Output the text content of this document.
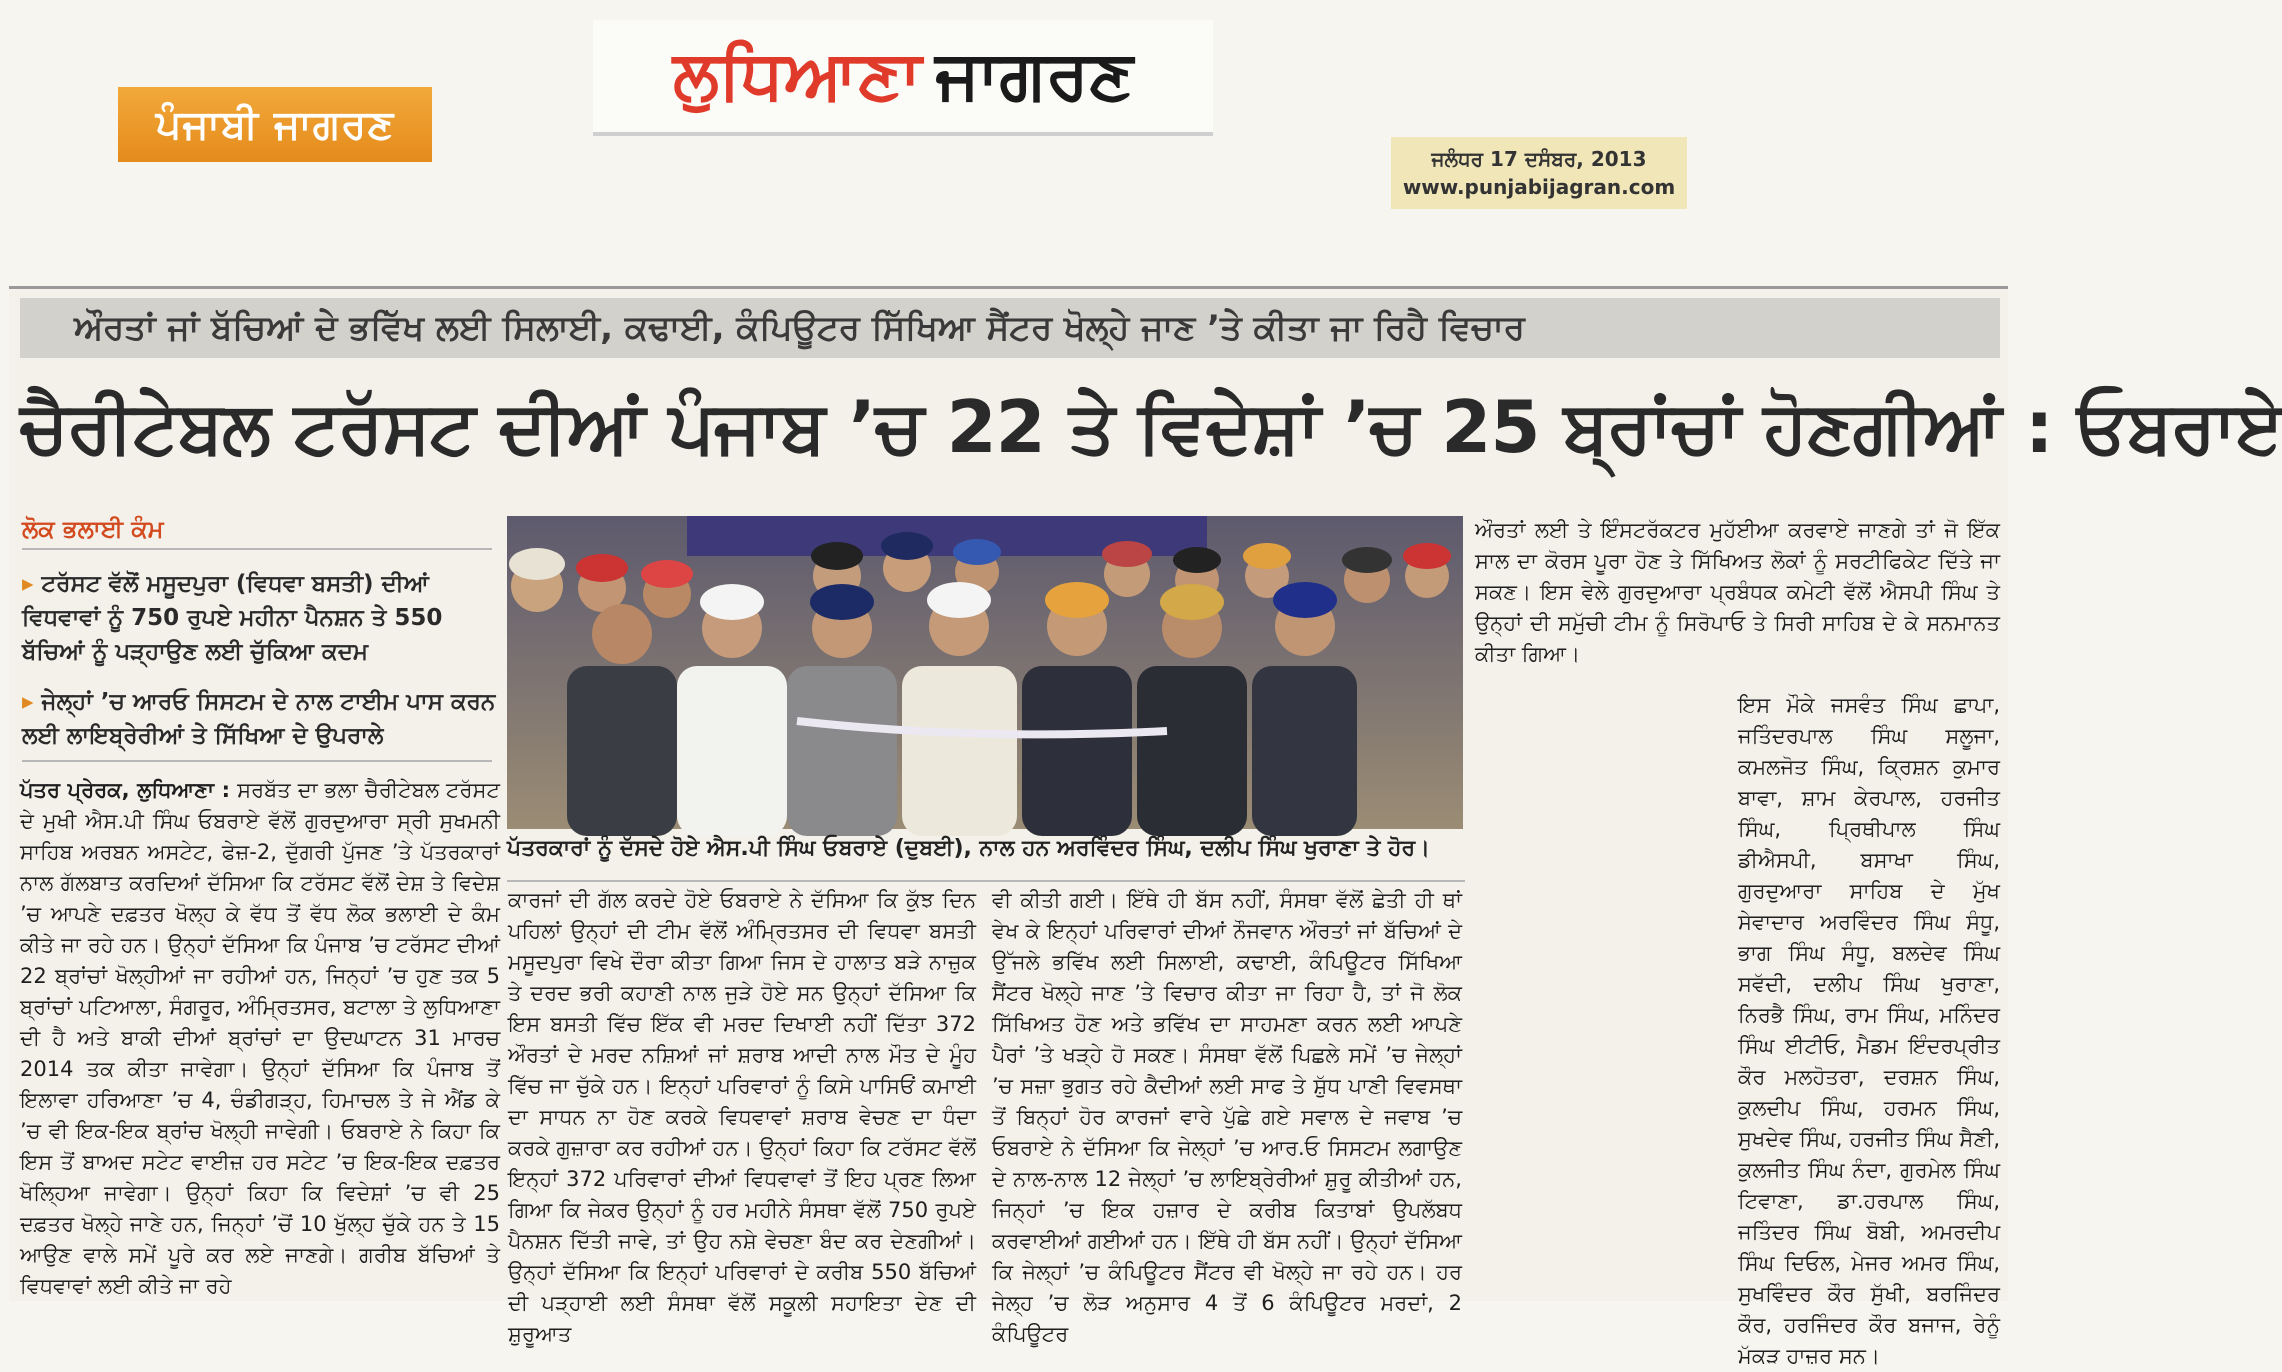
ਪੰਜਾਬੀ ਜਾਗਰਣ
ਲੁਧਿਆਣਾ ਜਾਗਰਣ
ਜਲੰਧਰ 17 ਦਸੰਬਰ, 2013
www.punjabijagran.com
ਔਰਤਾਂ ਜਾਂ ਬੱਚਿਆਂ ਦੇ ਭਵਿੱਖ ਲਈ ਸਿਲਾਈ, ਕਢਾਈ, ਕੰਪਿਊਟਰ ਸਿੱਖਿਆ ਸੈਂਟਰ ਖੋਲ੍ਹੇ ਜਾਣ ’ਤੇ ਕੀਤਾ ਜਾ ਰਿਹੈ ਵਿਚਾਰ
ਚੈਰੀਟੇਬਲ ਟਰੱਸਟ ਦੀਆਂ ਪੰਜਾਬ ’ਚ 22 ਤੇ ਵਿਦੇਸ਼ਾਂ ’ਚ 25 ਬ੍ਰਾਂਚਾਂ ਹੋਣਗੀਆਂ : ਓਬਰਾਏ
ਲੋਕ ਭਲਾਈ ਕੰਮ
▸ ਟਰੱਸਟ ਵੱਲੋਂ ਮਸੂਦਪੁਰਾ (ਵਿਧਵਾ ਬਸਤੀ) ਦੀਆਂ ਵਿਧਵਾਵਾਂ ਨੂੰ 750 ਰੁਪਏ ਮਹੀਨਾ ਪੈਨਸ਼ਨ ਤੇ 550 ਬੱਚਿਆਂ ਨੂੰ ਪੜ੍ਹਾਉਣ ਲਈ ਚੁੱਕਿਆ ਕਦਮ
▸ ਜੇਲ੍ਹਾਂ ’ਚ ਆਰਓ ਸਿਸਟਮ ਦੇ ਨਾਲ ਟਾਈਮ ਪਾਸ ਕਰਨ ਲਈ ਲਾਇਬ੍ਰੇਰੀਆਂ ਤੇ ਸਿੱਖਿਆ ਦੇ ਉਪਰਾਲੇ
ਪੱਤਰਕਾਰਾਂ ਨੂੰ ਦੱਸਦੇ ਹੋਏ ਐਸ.ਪੀ ਸਿੰਘ ਓਬਰਾਏ (ਦੁਬਈ), ਨਾਲ ਹਨ ਅਰਵਿੰਦਰ ਸਿੰਘ, ਦਲੀਪ ਸਿੰਘ ਖੁਰਾਣਾ ਤੇ ਹੋਰ।
ਪੱਤਰ ਪ੍ਰੇਰਕ, ਲੁਧਿਆਣਾ : ਸਰਬੱਤ ਦਾ ਭਲਾ ਚੈਰੀਟੇਬਲ ਟਰੱਸਟ ਦੇ ਮੁਖੀ ਐਸ.ਪੀ ਸਿੰਘ ਓਬਰਾਏ ਵੱਲੋਂ ਗੁਰਦੁਆਰਾ ਸ੍ਰੀ ਸੁਖਮਨੀ ਸਾਹਿਬ ਅਰਬਨ ਅਸਟੇਟ, ਫੇਜ਼-2, ਦੁੱਗਰੀ ਪੁੱਜਣ ’ਤੇ ਪੱਤਰਕਾਰਾਂ ਨਾਲ ਗੱਲਬਾਤ ਕਰਦਿਆਂ ਦੱਸਿਆ ਕਿ ਟਰੱਸਟ ਵੱਲੋਂ ਦੇਸ਼ ਤੇ ਵਿਦੇਸ਼ ’ਚ ਆਪਣੇ ਦਫ਼ਤਰ ਖੋਲ੍ਹ ਕੇ ਵੱਧ ਤੋਂ ਵੱਧ ਲੋਕ ਭਲਾਈ ਦੇ ਕੰਮ ਕੀਤੇ ਜਾ ਰਹੇ ਹਨ। ਉਨ੍ਹਾਂ ਦੱਸਿਆ ਕਿ ਪੰਜਾਬ ’ਚ ਟਰੱਸਟ ਦੀਆਂ 22 ਬ੍ਰਾਂਚਾਂ ਖੋਲ੍ਹੀਆਂ ਜਾ ਰਹੀਆਂ ਹਨ, ਜਿਨ੍ਹਾਂ ’ਚ ਹੁਣ ਤਕ 5 ਬ੍ਰਾਂਚਾਂ ਪਟਿਆਲਾ, ਸੰਗਰੂਰ, ਅੰਮ੍ਰਿਤਸਰ, ਬਟਾਲਾ ਤੇ ਲੁਧਿਆਣਾ ਦੀ ਹੈ ਅਤੇ ਬਾਕੀ ਦੀਆਂ ਬ੍ਰਾਂਚਾਂ ਦਾ ਉਦਘਾਟਨ 31 ਮਾਰਚ 2014 ਤਕ ਕੀਤਾ ਜਾਵੇਗਾ। ਉਨ੍ਹਾਂ ਦੱਸਿਆ ਕਿ ਪੰਜਾਬ ਤੋਂ ਇਲਾਵਾ ਹਰਿਆਣਾ ’ਚ 4, ਚੰਡੀਗੜ੍ਹ, ਹਿਮਾਚਲ ਤੇ ਜੇ ਐਂਡ ਕੇ ’ਚ ਵੀ ਇਕ-ਇਕ ਬ੍ਰਾਂਚ ਖੋਲ੍ਹੀ ਜਾਵੇਗੀ। ਓਬਰਾਏ ਨੇ ਕਿਹਾ ਕਿ ਇਸ ਤੋਂ ਬਾਅਦ ਸਟੇਟ ਵਾਈਜ਼ ਹਰ ਸਟੇਟ ’ਚ ਇਕ-ਇਕ ਦਫ਼ਤਰ ਖੋਲ੍ਹਿਆ ਜਾਵੇਗਾ। ਉਨ੍ਹਾਂ ਕਿਹਾ ਕਿ ਵਿਦੇਸ਼ਾਂ ’ਚ ਵੀ 25 ਦਫ਼ਤਰ ਖੋਲ੍ਹੇ ਜਾਣੇ ਹਨ, ਜਿਨ੍ਹਾਂ ’ਚੋਂ 10 ਖੁੱਲ੍ਹ ਚੁੱਕੇ ਹਨ ਤੇ 15 ਆਉਣ ਵਾਲੇ ਸਮੇਂ ਪੂਰੇ ਕਰ ਲਏ ਜਾਣਗੇ। ਗਰੀਬ ਬੱਚਿਆਂ ਤੇ ਵਿਧਵਾਵਾਂ ਲਈ ਕੀਤੇ ਜਾ ਰਹੇ
ਕਾਰਜਾਂ ਦੀ ਗੱਲ ਕਰਦੇ ਹੋਏ ਓਬਰਾਏ ਨੇ ਦੱਸਿਆ ਕਿ ਕੁੱਝ ਦਿਨ ਪਹਿਲਾਂ ਉਨ੍ਹਾਂ ਦੀ ਟੀਮ ਵੱਲੋਂ ਅੰਮ੍ਰਿਤਸਰ ਦੀ ਵਿਧਵਾ ਬਸਤੀ ਮਸੂਦਪੁਰਾ ਵਿਖੇ ਦੌਰਾ ਕੀਤਾ ਗਿਆ ਜਿਸ ਦੇ ਹਾਲਾਤ ਬੜੇ ਨਾਜ਼ੁਕ ਤੇ ਦਰਦ ਭਰੀ ਕਹਾਣੀ ਨਾਲ ਜੁੜੇ ਹੋਏ ਸਨ ਉਨ੍ਹਾਂ ਦੱਸਿਆ ਕਿ ਇਸ ਬਸਤੀ ਵਿੱਚ ਇੱਕ ਵੀ ਮਰਦ ਦਿਖਾਈ ਨਹੀਂ ਦਿੱਤਾ 372 ਔਰਤਾਂ ਦੇ ਮਰਦ ਨਸ਼ਿਆਂ ਜਾਂ ਸ਼ਰਾਬ ਆਦੀ ਨਾਲ ਮੌਤ ਦੇ ਮੂੰਹ ਵਿੱਚ ਜਾ ਚੁੱਕੇ ਹਨ। ਇਨ੍ਹਾਂ ਪਰਿਵਾਰਾਂ ਨੂੰ ਕਿਸੇ ਪਾਸਿਓਂ ਕਮਾਈ ਦਾ ਸਾਧਨ ਨਾ ਹੋਣ ਕਰਕੇ ਵਿਧਵਾਵਾਂ ਸ਼ਰਾਬ ਵੇਚਣ ਦਾ ਧੰਦਾ ਕਰਕੇ ਗੁਜ਼ਾਰਾ ਕਰ ਰਹੀਆਂ ਹਨ। ਉਨ੍ਹਾਂ ਕਿਹਾ ਕਿ ਟਰੱਸਟ ਵੱਲੋਂ ਇਨ੍ਹਾਂ 372 ਪਰਿਵਾਰਾਂ ਦੀਆਂ ਵਿਧਵਾਵਾਂ ਤੋਂ ਇਹ ਪ੍ਰਣ ਲਿਆ ਗਿਆ ਕਿ ਜੇਕਰ ਉਨ੍ਹਾਂ ਨੂੰ ਹਰ ਮਹੀਨੇ ਸੰਸਥਾ ਵੱਲੋਂ 750 ਰੁਪਏ ਪੈਨਸ਼ਨ ਦਿੱਤੀ ਜਾਵੇ, ਤਾਂ ਉਹ ਨਸ਼ੇ ਵੇਚਣਾ ਬੰਦ ਕਰ ਦੇਣਗੀਆਂ। ਉਨ੍ਹਾਂ ਦੱਸਿਆ ਕਿ ਇਨ੍ਹਾਂ ਪਰਿਵਾਰਾਂ ਦੇ ਕਰੀਬ 550 ਬੱਚਿਆਂ ਦੀ ਪੜ੍ਹਾਈ ਲਈ ਸੰਸਥਾ ਵੱਲੋਂ ਸਕੂਲੀ ਸਹਾਇਤਾ ਦੇਣ ਦੀ ਸ਼ੁਰੂਆਤ
ਵੀ ਕੀਤੀ ਗਈ। ਇੱਥੇ ਹੀ ਬੱਸ ਨਹੀਂ, ਸੰਸਥਾ ਵੱਲੋਂ ਛੇਤੀ ਹੀ ਥਾਂ ਵੇਖ ਕੇ ਇਨ੍ਹਾਂ ਪਰਿਵਾਰਾਂ ਦੀਆਂ ਨੌਜਵਾਨ ਔਰਤਾਂ ਜਾਂ ਬੱਚਿਆਂ ਦੇ ਉੱਜਲੇ ਭਵਿੱਖ ਲਈ ਸਿਲਾਈ, ਕਢਾਈ, ਕੰਪਿਊਟਰ ਸਿੱਖਿਆ ਸੈਂਟਰ ਖੋਲ੍ਹੇ ਜਾਣ ’ਤੇ ਵਿਚਾਰ ਕੀਤਾ ਜਾ ਰਿਹਾ ਹੈ, ਤਾਂ ਜੋ ਲੋਕ ਸਿੱਖਿਅਤ ਹੋਣ ਅਤੇ ਭਵਿੱਖ ਦਾ ਸਾਹਮਣਾ ਕਰਨ ਲਈ ਆਪਣੇ ਪੈਰਾਂ ’ਤੇ ਖੜ੍ਹੇ ਹੋ ਸਕਣ। ਸੰਸਥਾ ਵੱਲੋਂ ਪਿਛਲੇ ਸਮੇਂ ’ਚ ਜੇਲ੍ਹਾਂ ’ਚ ਸਜ਼ਾ ਭੁਗਤ ਰਹੇ ਕੈਦੀਆਂ ਲਈ ਸਾਫ ਤੇ ਸ਼ੁੱਧ ਪਾਣੀ ਵਿਵਸਥਾ ਤੋਂ ਬਿਨ੍ਹਾਂ ਹੋਰ ਕਾਰਜਾਂ ਵਾਰੇ ਪੁੱਛੇ ਗਏ ਸਵਾਲ ਦੇ ਜਵਾਬ ’ਚ ਓਬਰਾਏ ਨੇ ਦੱਸਿਆ ਕਿ ਜੇਲ੍ਹਾਂ ’ਚ ਆਰ.ਓ ਸਿਸਟਮ ਲਗਾਉਣ ਦੇ ਨਾਲ-ਨਾਲ 12 ਜੇਲ੍ਹਾਂ ’ਚ ਲਾਇਬ੍ਰੇਰੀਆਂ ਸ਼ੁਰੂ ਕੀਤੀਆਂ ਹਨ, ਜਿਨ੍ਹਾਂ ’ਚ ਇਕ ਹਜ਼ਾਰ ਦੇ ਕਰੀਬ ਕਿਤਾਬਾਂ ਉਪਲੱਬਧ ਕਰਵਾਈਆਂ ਗਈਆਂ ਹਨ। ਇੱਥੇ ਹੀ ਬੱਸ ਨਹੀਂ। ਉਨ੍ਹਾਂ ਦੱਸਿਆ ਕਿ ਜੇਲ੍ਹਾਂ ’ਚ ਕੰਪਿਊਟਰ ਸੈਂਟਰ ਵੀ ਖੋਲ੍ਹੇ ਜਾ ਰਹੇ ਹਨ। ਹਰ ਜੇਲ੍ਹ ’ਚ ਲੋੜ ਅਨੁਸਾਰ 4 ਤੋਂ 6 ਕੰਪਿਊਟਰ ਮਰਦਾਂ, 2 ਕੰਪਿਊਟਰ
ਔਰਤਾਂ ਲਈ ਤੇ ਇੰਸਟਰੱਕਟਰ ਮੁਹੱਈਆ ਕਰਵਾਏ ਜਾਣਗੇ ਤਾਂ ਜੋ ਇੱਕ ਸਾਲ ਦਾ ਕੋਰਸ ਪੂਰਾ ਹੋਣ ਤੇ ਸਿੱਖਿਅਤ ਲੋਕਾਂ ਨੂੰ ਸਰਟੀਫਿਕੇਟ ਦਿੱਤੇ ਜਾ ਸਕਣ। ਇਸ ਵੇਲੇ ਗੁਰਦੁਆਰਾ ਪ੍ਰਬੰਧਕ ਕਮੇਟੀ ਵੱਲੋਂ ਐਸਪੀ ਸਿੰਘ ਤੇ ਉਨ੍ਹਾਂ ਦੀ ਸਮੁੱਚੀ ਟੀਮ ਨੂੰ ਸਿਰੋਪਾਓ ਤੇ ਸਿਰੀ ਸਾਹਿਬ ਦੇ ਕੇ ਸਨਮਾਨਤ ਕੀਤਾ ਗਿਆ।
ਇਸ ਮੌਕੇ ਜਸਵੰਤ ਸਿੰਘ ਛਾਪਾ, ਜਤਿੰਦਰਪਾਲ ਸਿੰਘ ਸਲੂਜਾ, ਕਮਲਜੋਤ ਸਿੰਘ, ਕ੍ਰਿਸ਼ਨ ਕੁਮਾਰ ਬਾਵਾ, ਸ਼ਾਮ ਕੇਰਪਾਲ, ਹਰਜੀਤ ਸਿੰਘ, ਪ੍ਰਿਥੀਪਾਲ ਸਿੰਘ ਡੀਐਸਪੀ, ਬਸਾਖਾ ਸਿੰਘ, ਗੁਰਦੁਆਰਾ ਸਾਹਿਬ ਦੇ ਮੁੱਖ ਸੇਵਾਦਾਰ ਅਰਵਿੰਦਰ ਸਿੰਘ ਸੰਧੂ, ਭਾਗ ਸਿੰਘ ਸੰਧੂ, ਬਲਦੇਵ ਸਿੰਘ ਸਵੱਦੀ, ਦਲੀਪ ਸਿੰਘ ਖੁਰਾਣਾ, ਨਿਰਭੈ ਸਿੰਘ, ਰਾਮ ਸਿੰਘ, ਮਨਿੰਦਰ ਸਿੰਘ ਈਟੀਓ, ਮੈਡਮ ਇੰਦਰਪ੍ਰੀਤ ਕੌਰ ਮਲਹੋਤਰਾ, ਦਰਸ਼ਨ ਸਿੰਘ, ਕੁਲਦੀਪ ਸਿੰਘ, ਹਰਮਨ ਸਿੰਘ, ਸੁਖਦੇਵ ਸਿੰਘ, ਹਰਜੀਤ ਸਿੰਘ ਸੈਣੀ, ਕੁਲਜੀਤ ਸਿੰਘ ਨੰਦਾ, ਗੁਰਮੇਲ ਸਿੰਘ ਟਿਵਾਣਾ, ਡਾ.ਹਰਪਾਲ ਸਿੰਘ, ਜਤਿੰਦਰ ਸਿੰਘ ਬੋਬੀ, ਅਮਰਦੀਪ ਸਿੰਘ ਦਿਓਲ, ਮੇਜਰ ਅਮਰ ਸਿੰਘ, ਸੁਖਵਿੰਦਰ ਕੌਰ ਸੁੱਖੀ, ਬਰਜਿੰਦਰ ਕੌਰ, ਹਰਜਿੰਦਰ ਕੌਰ ਬਜਾਜ, ਰੇਨੂੰ ਮੱਕੜ ਹਾਜ਼ਰ ਸਨ।
